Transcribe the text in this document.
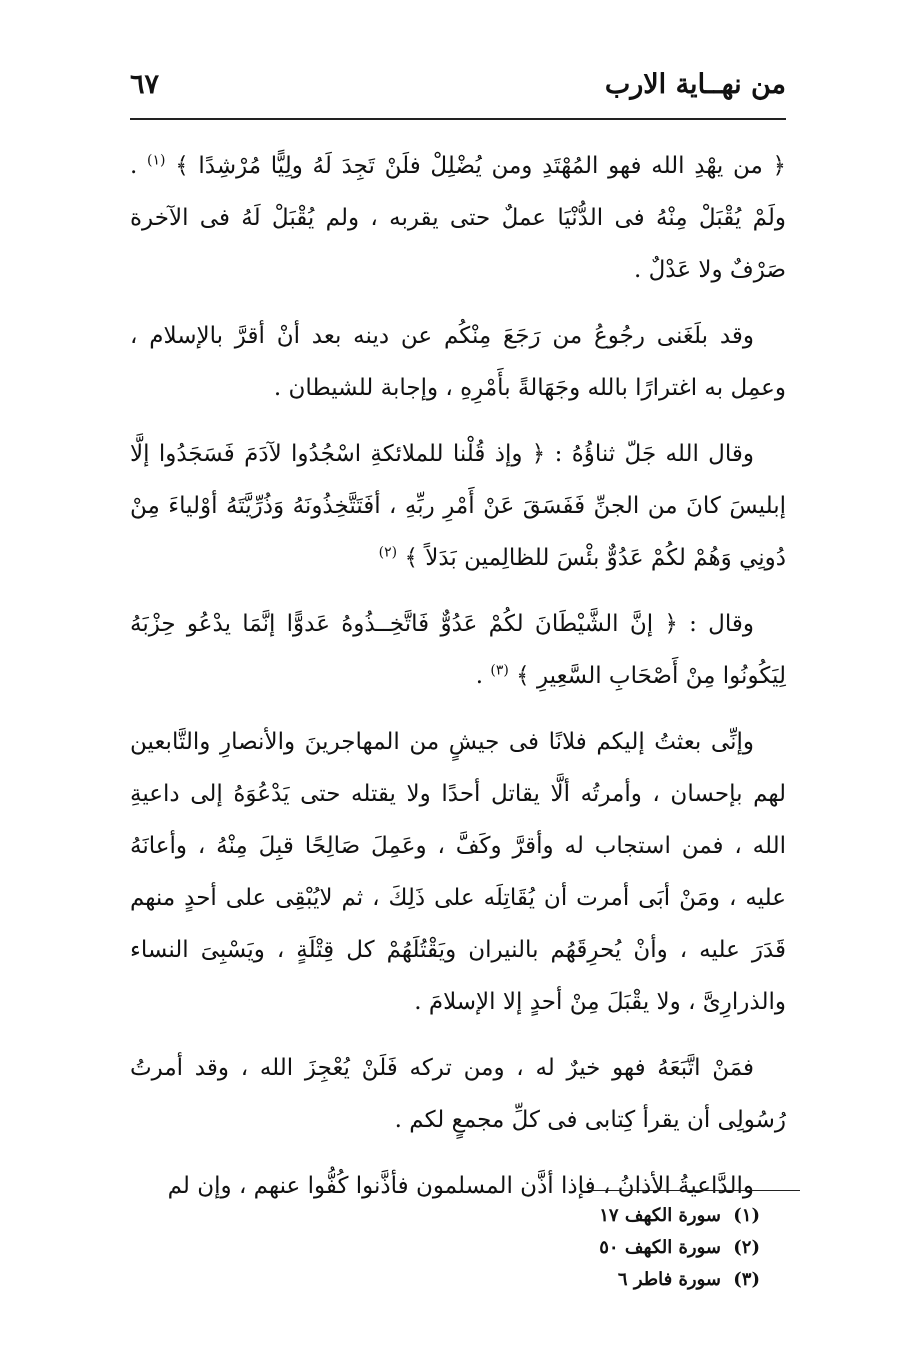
من نهــاية الارب
٦٧

﴿ من يهْدِ الله فهو المُهْتَدِ ومن يُضْلِلْ فلَنْ تَجِدَ لَهُ ولِيًّا مُرْشِدًا ﴾ $^{(١)}$ . ولَمْ يُقْبَلْ مِنْهُ فى الدُّنْيَا عملٌ حتى يقربه ، ولم يُقْبَلْ لَهُ فى الآخرة صَرْفٌ ولا عَدْلٌ .

وقد بلَغَنى رجُوعُ من رَجَعَ مِنْكُم عن دينه بعد أنْ أقرَّ بالإسلام ، وعمِل به اغترارًا بالله وجَهَالةً بأَمْرِهِ ، وإجابة للشيطان .

وقال الله جَلّ ثناؤُهُ : ﴿ وإذ قُلْنا للملائكةِ اسْجُدُوا لآدَمَ فَسَجَدُوا إلَّا إبليسَ كانَ من الجنِّ فَفَسَقَ عَنْ أَمْرِ ربِّهِ ، أفَتَتَّخِذُونَهُ وَذُرِّيَّتَهُ أوْلياءَ مِنْ دُونِي وَهُمْ لكُمْ عَدُوٌّ بئْسَ للظالِمين بَدَلاً ﴾ $^{(٢)}$

وقال : ﴿ إنَّ الشَّيْطَانَ لكُمْ عَدُوٌّ فَاتَّخِــذُوهُ عَدوًّا إنَّمَا يدْعُو حِزْبَهُ لِيَكُونُوا مِنْ أَصْحَابِ السَّعِيرِ ﴾ $^{(٣)}$ .

وإنِّى بعثتُ إليكم فلانًا فى جيشٍ من المهاجرينَ والأنصارِ والتَّابعين لهم بإحسان ، وأمرتُه ألَّا يقاتل أحدًا ولا يقتله حتى يَدْعُوَهُ إلى داعيةِ الله ، فمن استجاب له وأقرَّ وكَفَّ ، وعَمِلَ صَالِحًا قبِلَ مِنْهُ ، وأعانَهُ عليه ، ومَنْ أبَى أمرت أن يُقَاتِلَه على ذَلِكَ ، ثم لايُبْقِى على أحدٍ منهم قَدَرَ عليه ، وأنْ يُحرِقَهُم بالنيران ويَقْتُلَهُمْ كل قِتْلَةٍ ، ويَسْبِىَ النساء والذرارِىَّ ، ولا يقْبَلَ مِنْ أحدٍ إلا الإسلامَ .

فمَنْ اتَّبَعَهُ فهو خيرٌ له ، ومن تركه فَلَنْ يُعْجِزَ الله ، وقد أمرتُ رُسُولِى أن يقرأ كِتابى فى كلِّ مجمعٍ لكم .

والدَّاعيةُ الأذانُ ، فإذا أذَّن المسلمون فأذَّنوا كُفُّوا عنهم ، وإن لم

(١) سورة الكهف ١٧
(٢) سورة الكهف ٥٠
(٣) سورة فاطر ٦
